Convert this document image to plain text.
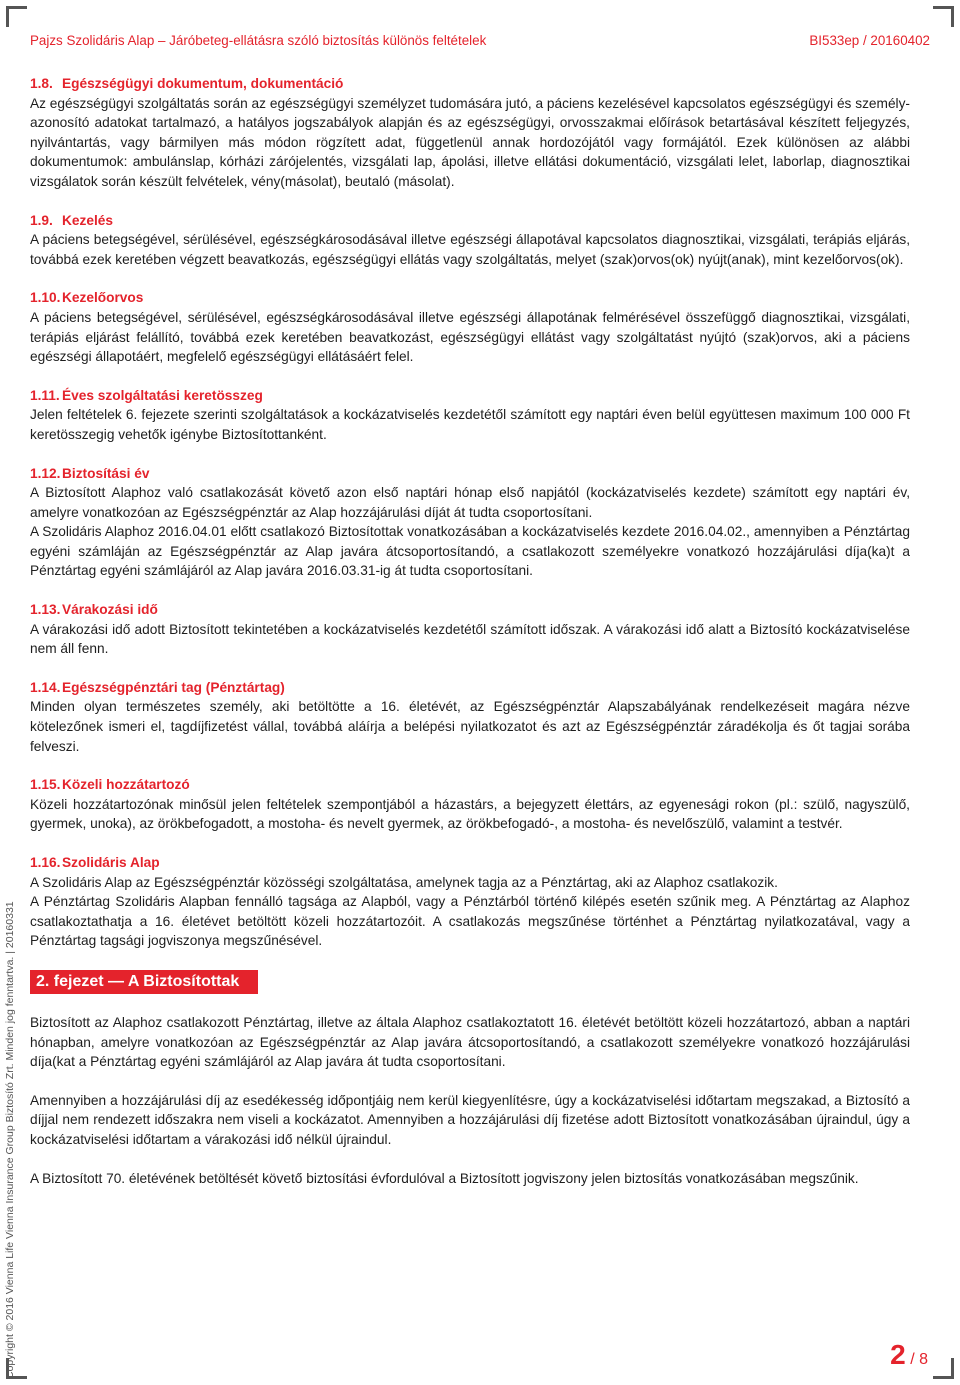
Pajzs Szolidáris Alap – Járóbeteg-ellátásra szóló biztosítás különös feltételek	BI533ep / 20160402

1.8. Egészségügyi dokumentum, dokumentáció

Az egészségügyi szolgáltatás során az egészségügyi személyzet tudomására jutó, a páciens kezelésével kapcsolatos egészségügyi és személy-azonosító adatokat tartalmazó, a hatályos jogszabályok alapján és az egészségügyi, orvosszakmai előírások betartásával készített feljegyzés, nyilvántartás, vagy bármilyen más módon rögzített adat, függetlenül annak hordozójától vagy formájától. Ezek különösen az alábbi dokumentumok: ambulánslap, kórházi zárójelentés, vizsgálati lap, ápolási, illetve ellátási dokumentáció, vizsgálati lelet, laborlap, diagnosztikai vizsgálatok során készült felvételek, vény(másolat), beutaló (másolat).

1.9. Kezelés

A páciens betegségével, sérülésével, egészségkárosodásával illetve egészségi állapotával kapcsolatos diagnosztikai, vizsgálati, terápiás eljárás, továbbá ezek keretében végzett beavatkozás, egészségügyi ellátás vagy szolgáltatás, melyet (szak)orvos(ok) nyújt(anak), mint kezelőorvos(ok).

1.10. Kezelőorvos

A páciens betegségével, sérülésével, egészségkárosodásával illetve egészségi állapotának felmérésével összefüggő diagnosztikai, vizsgálati, terápiás eljárást felállító, továbbá ezek keretében beavatkozást, egészségügyi ellátást vagy szolgáltatást nyújtó (szak)orvos, aki a páciens egészségi állapotáért, megfelelő egészségügyi ellátásáért felel.

1.11. Éves szolgáltatási keretösszeg

Jelen feltételek 6. fejezete szerinti szolgáltatások a kockázatviselés kezdetétől számított egy naptári éven belül együttesen maximum 100 000 Ft keretösszegig vehetők igénybe Biztosítottanként.

1.12. Biztosítási év

A Biztosított Alaphoz való csatlakozását követő azon első naptári hónap első napjától (kockázatviselés kezdete) számított egy naptári év, amelyre vonatkozóan az Egészségpénztár az Alap hozzájárulási díját át tudta csoportosítani.

A Szolidáris Alaphoz 2016.04.01 előtt csatlakozó Biztosítottak vonatkozásában a kockázatviselés kezdete 2016.04.02., amennyiben a Pénztártag egyéni számláján az Egészségpénztár az Alap javára átcsoportosítandó, a csatlakozott személyekre vonatkozó hozzájárulási díja(ka)t a Pénztártag egyéni számlájáról az Alap javára 2016.03.31-ig át tudta csoportosítani.

1.13. Várakozási idő

A várakozási idő adott Biztosított tekintetében a kockázatviselés kezdetétől számított időszak. A várakozási idő alatt a Biztosító kockázatviselése nem áll fenn.

1.14. Egészségpénztári tag (Pénztártag)

Minden olyan természetes személy, aki betöltötte a 16. életévét, az Egészségpénztár Alapszabályának rendelkezéseit magára nézve kötelezőnek ismeri el, tagdíjfizetést vállal, továbbá aláírja a belépési nyilatkozatot és azt az Egészségpénztár záradékolja és őt tagjai sorába felveszi.

1.15. Közeli hozzátartozó

Közeli hozzátartozónak minősül jelen feltételek szempontjából a házastárs, a bejegyzett élettárs, az egyenesági rokon (pl.: szülő, nagyszülő, gyermek, unoka), az örökbefogadott, a mostoha- és nevelt gyermek, az örökbefogadó-, a mostoha- és nevelőszülő, valamint a testvér.

1.16. Szolidáris Alap

A Szolidáris Alap az Egészségpénztár közösségi szolgáltatása, amelynek tagja az a Pénztártag, aki az Alaphoz csatlakozik.

A Pénztártag Szolidáris Alapban fennálló tagsága az Alapból, vagy a Pénztárból történő kilépés esetén szűnik meg. A Pénztártag az Alaphoz csatlakoztathatja a 16. életévet betöltött közeli hozzátartozóit. A csatlakozás megszűnése történhet a Pénztártag nyilatkozatával, vagy a Pénztártag tagsági jogviszonya megszűnésével.

2. fejezet — A Biztosítottak

Biztosított az Alaphoz csatlakozott Pénztártag, illetve az általa Alaphoz csatlakoztatott 16. életévét betöltött közeli hozzátartozó, abban a naptári hónapban, amelyre vonatkozóan az Egészségpénztár az Alap javára átcsoportosítandó, a csatlakozott személyekre vonatkozó hozzájárulási díja(kat a Pénztártag egyéni számlájáról az Alap javára át tudta csoportosítani.

Amennyiben a hozzájárulási díj az esedékesség időpontjáig nem kerül kiegyenlítésre, úgy a kockázatviselési időtartam megszakad, a Biztosító a díjjal nem rendezett időszakra nem viseli a kockázatot. Amennyiben a hozzájárulási díj fizetése adott Biztosított vonatkozásában újraindul, úgy a kockázatviselési időtartam a várakozási idő nélkül újraindul.

A Biztosított 70. életévének betöltését követő biztosítási évfordulóval a Biztosított jogviszony jelen biztosítás vonatkozásában megszűnik.

Copyright © 2016 Vienna Life Vienna Insurance Group Biztosító Zrt. Minden jog fenntartva. | 20160331	2 / 8
